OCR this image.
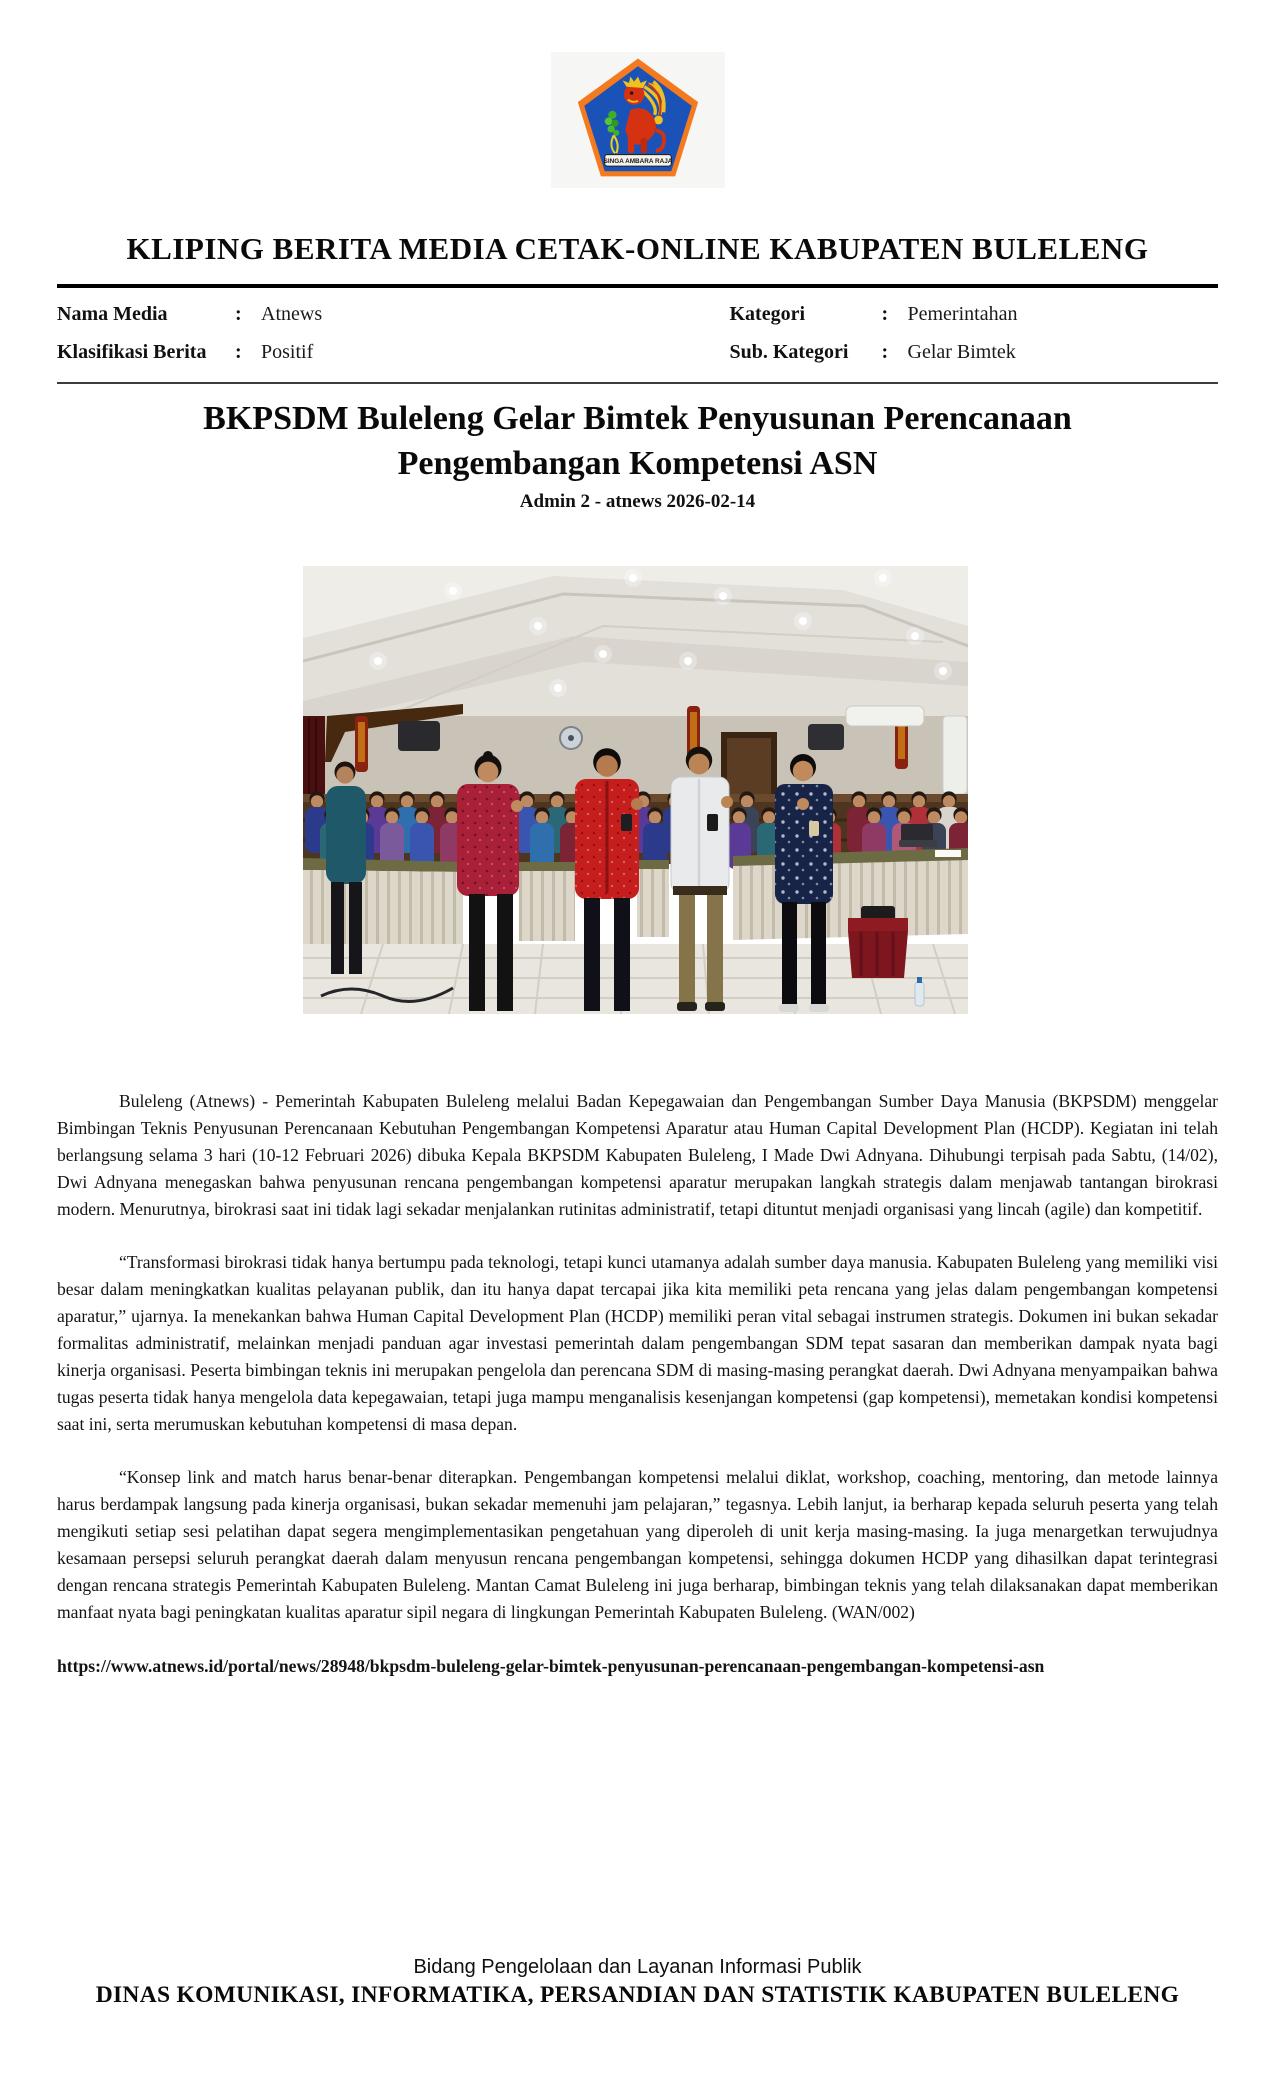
SINGA AMBARA RAJA
KLIPING BERITA MEDIA CETAK-ONLINE KABUPATEN BULELENG
Nama Media	: Atnews	Kategori	: Pemerintahan
Klasifikasi Berita	: Positif	Sub. Kategori	: Gelar Bimtek
BKPSDM Buleleng Gelar Bimtek Penyusunan Perencanaan
Pengembangan Kompetensi ASN
Admin 2 - atnews 2026-02-14

Buleleng (Atnews) - Pemerintah Kabupaten Buleleng melalui Badan Kepegawaian dan Pengembangan Sumber Daya Manusia (BKPSDM) menggelar Bimbingan Teknis Penyusunan Perencanaan Kebutuhan Pengembangan Kompetensi Aparatur atau Human Capital Development Plan (HCDP). Kegiatan ini telah berlangsung selama 3 hari (10-12 Februari 2026) dibuka Kepala BKPSDM Kabupaten Buleleng, I Made Dwi Adnyana. Dihubungi terpisah pada Sabtu, (14/02), Dwi Adnyana menegaskan bahwa penyusunan rencana pengembangan kompetensi aparatur merupakan langkah strategis dalam menjawab tantangan birokrasi modern. Menurutnya, birokrasi saat ini tidak lagi sekadar menjalankan rutinitas administratif, tetapi dituntut menjadi organisasi yang lincah (agile) dan kompetitif.

“Transformasi birokrasi tidak hanya bertumpu pada teknologi, tetapi kunci utamanya adalah sumber daya manusia. Kabupaten Buleleng yang memiliki visi besar dalam meningkatkan kualitas pelayanan publik, dan itu hanya dapat tercapai jika kita memiliki peta rencana yang jelas dalam pengembangan kompetensi aparatur,” ujarnya. Ia menekankan bahwa Human Capital Development Plan (HCDP) memiliki peran vital sebagai instrumen strategis. Dokumen ini bukan sekadar formalitas administratif, melainkan menjadi panduan agar investasi pemerintah dalam pengembangan SDM tepat sasaran dan memberikan dampak nyata bagi kinerja organisasi. Peserta bimbingan teknis ini merupakan pengelola dan perencana SDM di masing-masing perangkat daerah. Dwi Adnyana menyampaikan bahwa tugas peserta tidak hanya mengelola data kepegawaian, tetapi juga mampu menganalisis kesenjangan kompetensi (gap kompetensi), memetakan kondisi kompetensi saat ini, serta merumuskan kebutuhan kompetensi di masa depan.

“Konsep link and match harus benar-benar diterapkan. Pengembangan kompetensi melalui diklat, workshop, coaching, mentoring, dan metode lainnya harus berdampak langsung pada kinerja organisasi, bukan sekadar memenuhi jam pelajaran,” tegasnya. Lebih lanjut, ia berharap kepada seluruh peserta yang telah mengikuti setiap sesi pelatihan dapat segera mengimplementasikan pengetahuan yang diperoleh di unit kerja masing-masing. Ia juga menargetkan terwujudnya kesamaan persepsi seluruh perangkat daerah dalam menyusun rencana pengembangan kompetensi, sehingga dokumen HCDP yang dihasilkan dapat terintegrasi dengan rencana strategis Pemerintah Kabupaten Buleleng. Mantan Camat Buleleng ini juga berharap, bimbingan teknis yang telah dilaksanakan dapat memberikan manfaat nyata bagi peningkatan kualitas aparatur sipil negara di lingkungan Pemerintah Kabupaten Buleleng. (WAN/002)

https://www.atnews.id/portal/news/28948/bkpsdm-buleleng-gelar-bimtek-penyusunan-perencanaan-pengembangan-kompetensi-asn

Bidang Pengelolaan dan Layanan Informasi Publik
DINAS KOMUNIKASI, INFORMATIKA, PERSANDIAN DAN STATISTIK KABUPATEN BULELENG
